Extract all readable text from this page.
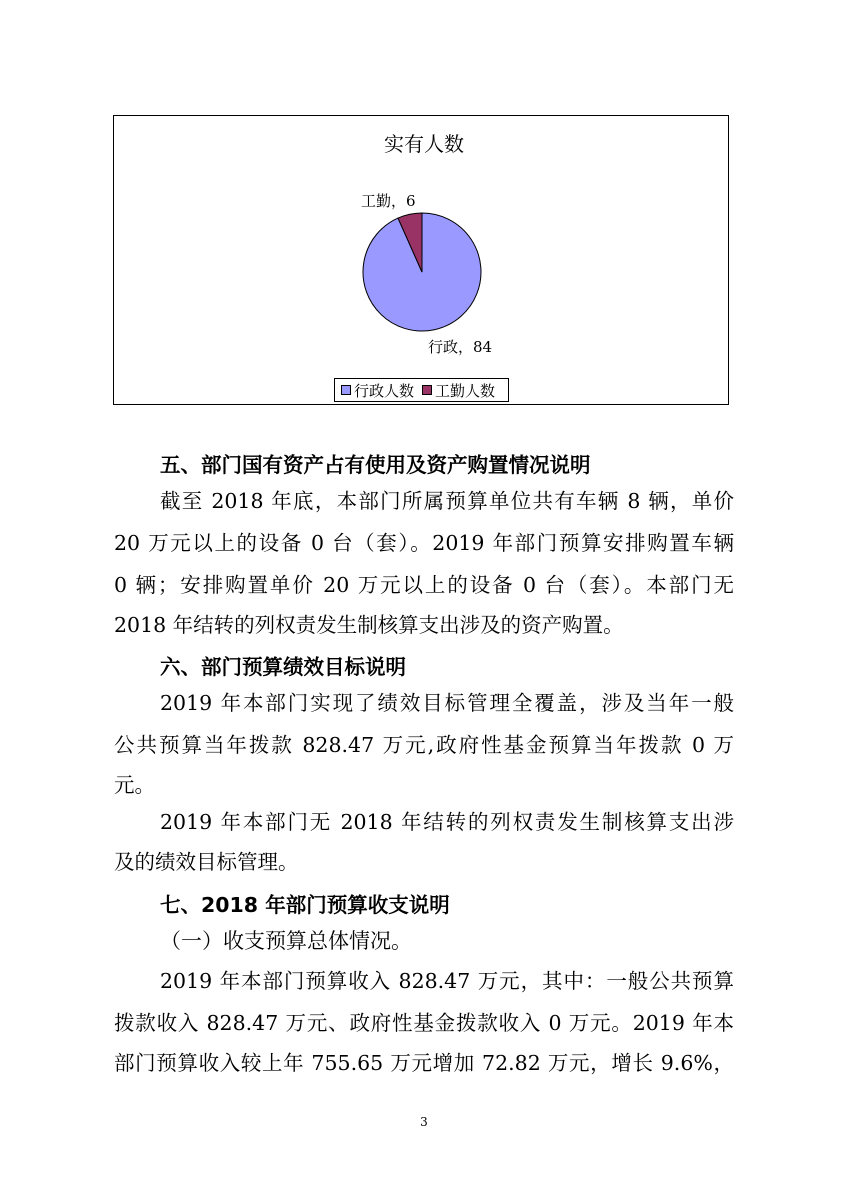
实有人数
工勤，6
行政，84
行政人数 工勤人数
五、部门国有资产占有使用及资产购置情况说明
截至 2018 年底，本部门所属预算单位共有车辆 8 辆，单价
20 万元以上的设备 0 台（套）。2019 年部门预算安排购置车辆
0 辆；安排购置单价 20 万元以上的设备 0 台（套）。本部门无
2018 年结转的列权责发生制核算支出涉及的资产购置。
六、部门预算绩效目标说明
2019 年本部门实现了绩效目标管理全覆盖，涉及当年一般
公共预算当年拨款 828.47 万元,政府性基金预算当年拨款 0 万
元。
2019 年本部门无 2018 年结转的列权责发生制核算支出涉
及的绩效目标管理。
七、2018 年部门预算收支说明
（一）收支预算总体情况。
2019 年本部门预算收入 828.47 万元，其中：一般公共预算
拨款收入 828.47 万元、政府性基金拨款收入 0 万元。2019 年本
部门预算收入较上年 755.65 万元增加 72.82 万元，增长 9.6%，
3
